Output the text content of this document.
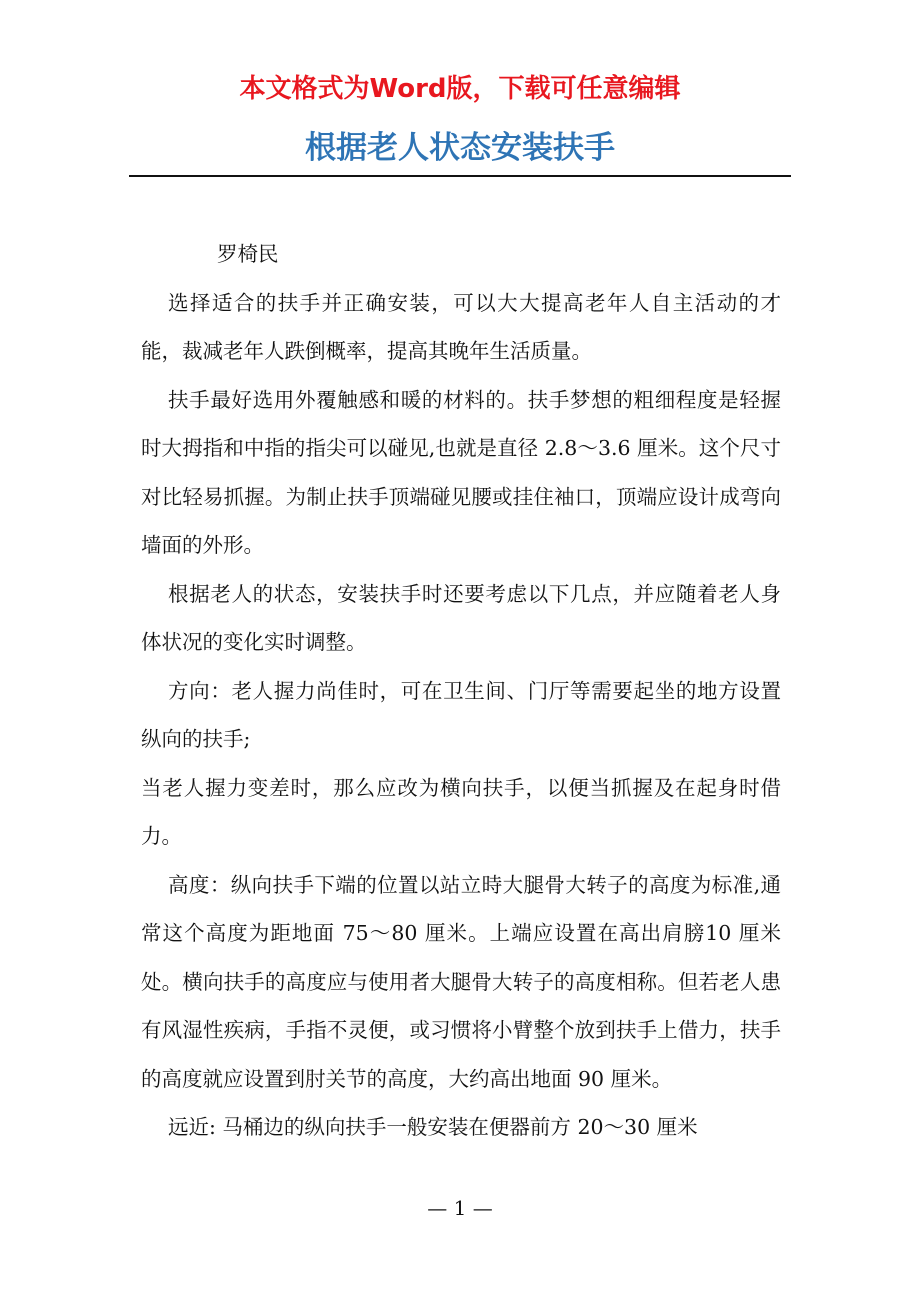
本文格式为Word版，下载可任意编辑
根据老人状态安装扶手

罗椅民

选择适合的扶手并正确安装，可以大大提高老年人自主活动的才能，裁减老年人跌倒概率，提高其晚年生活质量。

扶手最好选用外覆触感和暖的材料的。扶手梦想的粗细程度是轻握时大拇指和中指的指尖可以碰见,也就是直径 2.8～3.6 厘米。这个尺寸对比轻易抓握。为制止扶手顶端碰见腰或挂住袖口，顶端应设计成弯向墙面的外形。

根据老人的状态，安装扶手时还要考虑以下几点，并应随着老人身体状况的变化实时调整。

方向：老人握力尚佳时，可在卫生间、门厅等需要起坐的地方设置纵向的扶手;

当老人握力变差时，那么应改为横向扶手，以便当抓握及在起身时借力。

高度：纵向扶手下端的位置以站立時大腿骨大转子的高度为标准,通常这个高度为距地面 75～80 厘米。上端应设置在高出肩膀10 厘米处。横向扶手的高度应与使用者大腿骨大转子的高度相称。但若老人患有风湿性疾病，手指不灵便，或习惯将小臂整个放到扶手上借力，扶手的高度就应设置到肘关节的高度，大约高出地面 90 厘米。

远近: 马桶边的纵向扶手一般安装在便器前方 20～30 厘米

— 1 —
